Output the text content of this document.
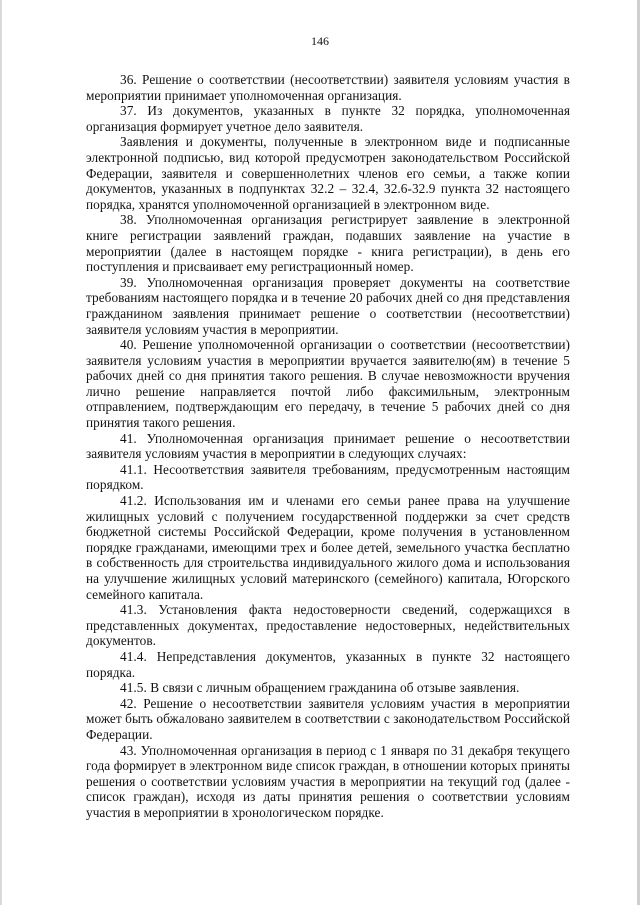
146

36. Решение о соответствии (несоответствии) заявителя условиям участия в мероприятии принимает уполномоченная организация.

37. Из документов, указанных в пункте 32 порядка, уполномоченная организация формирует учетное дело заявителя.

Заявления и документы, полученные в электронном виде и подписанные электронной подписью, вид которой предусмотрен законодательством Российской Федерации, заявителя и совершеннолетних членов его семьи, а также копии документов, указанных в подпунктах 32.2 – 32.4, 32.6-32.9 пункта 32 настоящего порядка, хранятся уполномоченной организацией в электронном виде.

38. Уполномоченная организация регистрирует заявление в электронной книге регистрации заявлений граждан, подавших заявление на участие в мероприятии (далее в настоящем порядке - книга регистрации), в день его поступления и присваивает ему регистрационный номер.

39. Уполномоченная организация проверяет документы на соответствие требованиям настоящего порядка и в течение 20 рабочих дней со дня представления гражданином заявления принимает решение о соответствии (несоответствии) заявителя условиям участия в мероприятии.

40. Решение уполномоченной организации о соответствии (несоответствии) заявителя условиям участия в мероприятии вручается заявителю(ям) в течение 5 рабочих дней со дня принятия такого решения. В случае невозможности вручения лично решение направляется почтой либо факсимильным, электронным отправлением, подтверждающим его передачу, в течение 5 рабочих дней со дня принятия такого решения.

41. Уполномоченная организация принимает решение о несоответствии заявителя условиям участия в мероприятии в следующих случаях:

41.1. Несоответствия заявителя требованиям, предусмотренным настоящим порядком.

41.2. Использования им и членами его семьи ранее права на улучшение жилищных условий с получением государственной поддержки за счет средств бюджетной системы Российской Федерации, кроме получения в установленном порядке гражданами, имеющими трех и более детей, земельного участка бесплатно в собственность для строительства индивидуального жилого дома и использования на улучшение жилищных условий материнского (семейного) капитала, Югорского семейного капитала.

41.3. Установления факта недостоверности сведений, содержащихся в представленных документах, предоставление недостоверных, недействительных документов.

41.4. Непредставления документов, указанных в пункте 32 настоящего порядка.

41.5. В связи с личным обращением гражданина об отзыве заявления.

42. Решение о несоответствии заявителя условиям участия в мероприятии может быть обжаловано заявителем в соответствии с законодательством Российской Федерации.

43. Уполномоченная организация в период с 1 января по 31 декабря текущего года формирует в электронном виде список граждан, в отношении которых приняты решения о соответствии условиям участия в мероприятии на текущий год (далее - список граждан), исходя из даты принятия решения о соответствии условиям участия в мероприятии в хронологическом порядке.
